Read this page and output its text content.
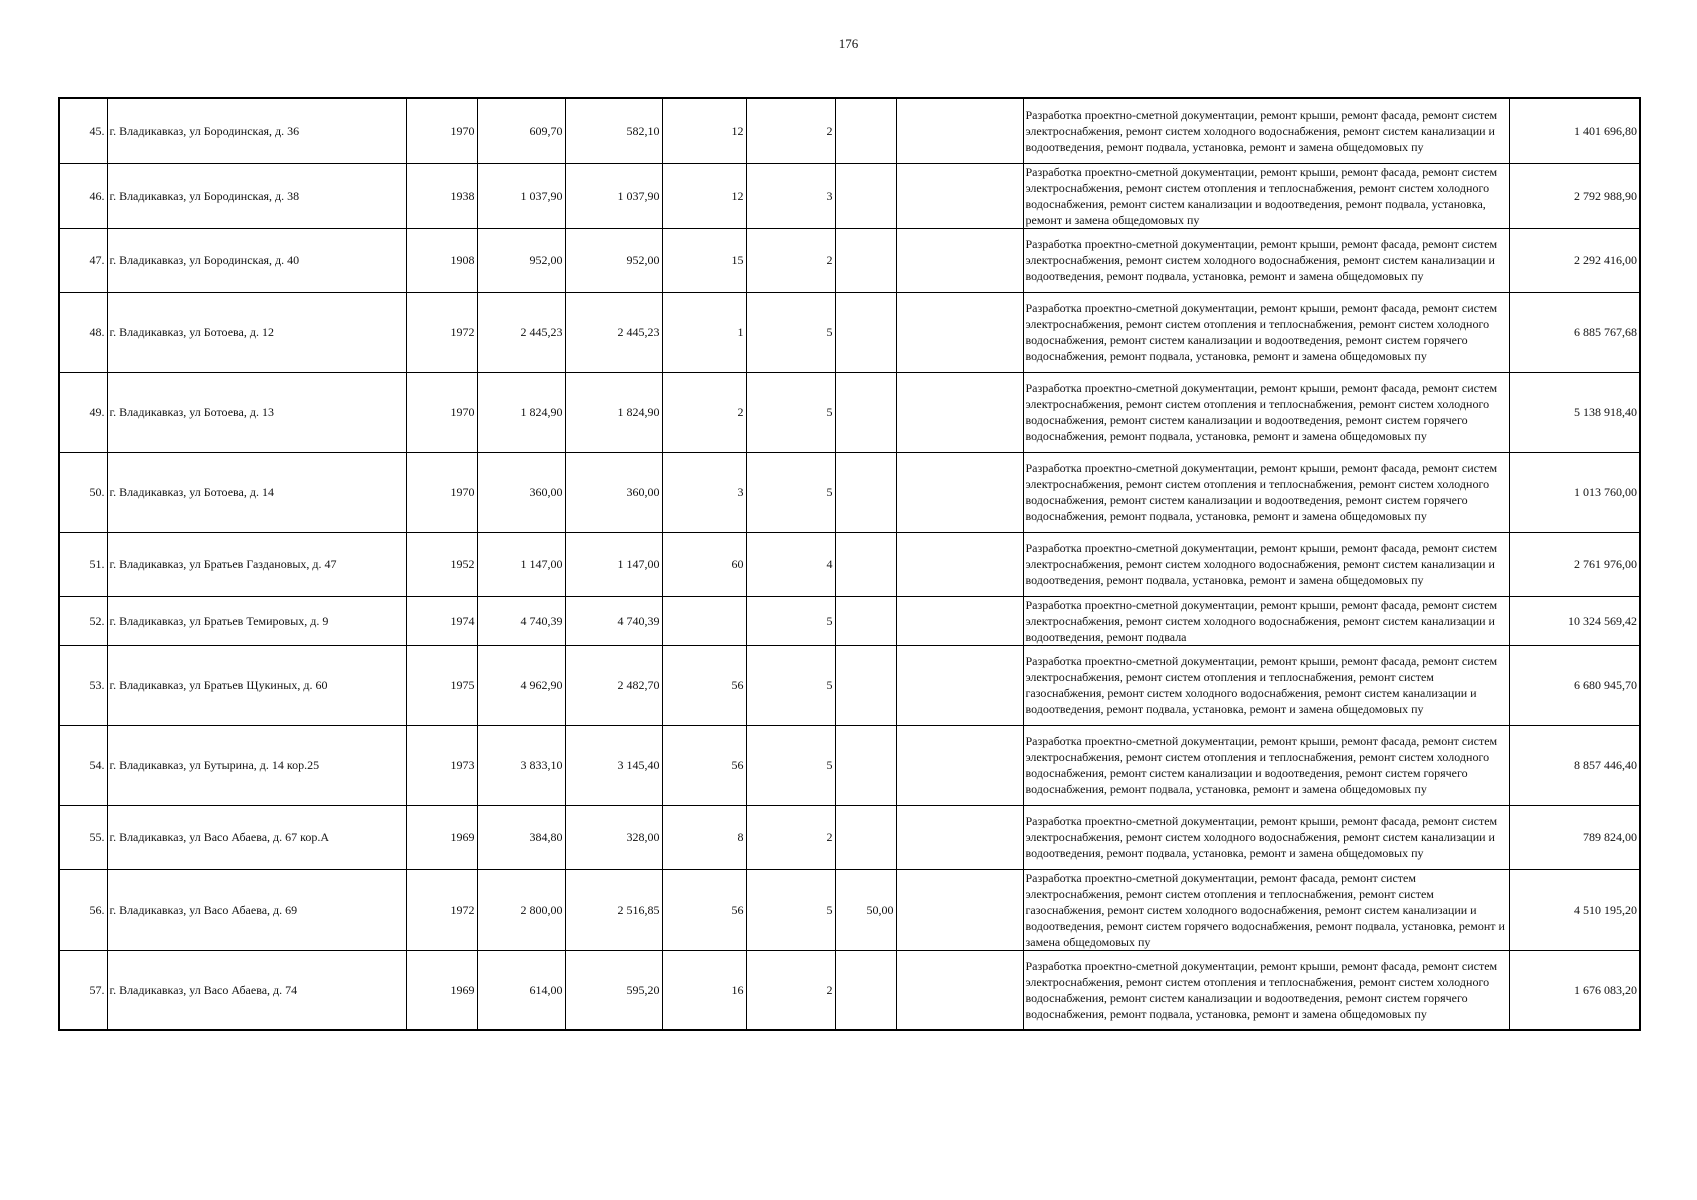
176
45.	г. Владикавказ, ул Бородинская, д. 36	1970	609,70	582,10	12	2			Разработка проектно-сметной документации, ремонт крыши, ремонт фасада, ремонт систем электроснабжения, ремонт систем холодного водоснабжения, ремонт систем канализации и водоотведения, ремонт подвала, установка, ремонт и замена общедомовых пу	1 401 696,80
46.	г. Владикавказ, ул Бородинская, д. 38	1938	1 037,90	1 037,90	12	3			Разработка проектно-сметной документации, ремонт крыши, ремонт фасада, ремонт систем электроснабжения, ремонт систем отопления и теплоснабжения, ремонт систем холодного водоснабжения, ремонт систем канализации и водоотведения, ремонт подвала, установка, ремонт и замена общедомовых пу	2 792 988,90
47.	г. Владикавказ, ул Бородинская, д. 40	1908	952,00	952,00	15	2			Разработка проектно-сметной документации, ремонт крыши, ремонт фасада, ремонт систем электроснабжения, ремонт систем холодного водоснабжения, ремонт систем канализации и водоотведения, ремонт подвала, установка, ремонт и замена общедомовых пу	2 292 416,00
48.	г. Владикавказ, ул Ботоева, д. 12	1972	2 445,23	2 445,23	1	5			Разработка проектно-сметной документации, ремонт крыши, ремонт фасада, ремонт систем электроснабжения, ремонт систем отопления и теплоснабжения, ремонт систем холодного водоснабжения, ремонт систем канализации и водоотведения, ремонт систем горячего водоснабжения, ремонт подвала, установка, ремонт и замена общедомовых пу	6 885 767,68
49.	г. Владикавказ, ул Ботоева, д. 13	1970	1 824,90	1 824,90	2	5			Разработка проектно-сметной документации, ремонт крыши, ремонт фасада, ремонт систем электроснабжения, ремонт систем отопления и теплоснабжения, ремонт систем холодного водоснабжения, ремонт систем канализации и водоотведения, ремонт систем горячего водоснабжения, ремонт подвала, установка, ремонт и замена общедомовых пу	5 138 918,40
50.	г. Владикавказ, ул Ботоева, д. 14	1970	360,00	360,00	3	5			Разработка проектно-сметной документации, ремонт крыши, ремонт фасада, ремонт систем электроснабжения, ремонт систем отопления и теплоснабжения, ремонт систем холодного водоснабжения, ремонт систем канализации и водоотведения, ремонт систем горячего водоснабжения, ремонт подвала, установка, ремонт и замена общедомовых пу	1 013 760,00
51.	г. Владикавказ, ул Братьев Газдановых, д. 47	1952	1 147,00	1 147,00	60	4			Разработка проектно-сметной документации, ремонт крыши, ремонт фасада, ремонт систем электроснабжения, ремонт систем холодного водоснабжения, ремонт систем канализации и водоотведения, ремонт подвала, установка, ремонт и замена общедомовых пу	2 761 976,00
52.	г. Владикавказ, ул Братьев Темировых, д. 9	1974	4 740,39	4 740,39		5			Разработка проектно-сметной документации, ремонт крыши, ремонт фасада, ремонт систем электроснабжения, ремонт систем холодного водоснабжения, ремонт систем канализации и водоотведения, ремонт подвала	10 324 569,42
53.	г. Владикавказ, ул Братьев Щукиных, д. 60	1975	4 962,90	2 482,70	56	5			Разработка проектно-сметной документации, ремонт крыши, ремонт фасада, ремонт систем электроснабжения, ремонт систем отопления и теплоснабжения, ремонт систем газоснабжения, ремонт систем холодного водоснабжения, ремонт систем канализации и водоотведения, ремонт подвала, установка, ремонт и замена общедомовых пу	6 680 945,70
54.	г. Владикавказ, ул Бутырина, д. 14 кор.25	1973	3 833,10	3 145,40	56	5			Разработка проектно-сметной документации, ремонт крыши, ремонт фасада, ремонт систем электроснабжения, ремонт систем отопления и теплоснабжения, ремонт систем холодного водоснабжения, ремонт систем канализации и водоотведения, ремонт систем горячего водоснабжения, ремонт подвала, установка, ремонт и замена общедомовых пу	8 857 446,40
55.	г. Владикавказ, ул Васо Абаева, д. 67 кор.А	1969	384,80	328,00	8	2			Разработка проектно-сметной документации, ремонт крыши, ремонт фасада, ремонт систем электроснабжения, ремонт систем холодного водоснабжения, ремонт систем канализации и водоотведения, ремонт подвала, установка, ремонт и замена общедомовых пу	789 824,00
56.	г. Владикавказ, ул Васо Абаева, д. 69	1972	2 800,00	2 516,85	56	5	50,00		Разработка проектно-сметной документации, ремонт фасада, ремонт систем электроснабжения, ремонт систем отопления и теплоснабжения, ремонт систем газоснабжения, ремонт систем холодного водоснабжения, ремонт систем канализации и водоотведения, ремонт систем горячего водоснабжения, ремонт подвала, установка, ремонт и замена общедомовых пу	4 510 195,20
57.	г. Владикавказ, ул Васо Абаева, д. 74	1969	614,00	595,20	16	2			Разработка проектно-сметной документации, ремонт крыши, ремонт фасада, ремонт систем электроснабжения, ремонт систем отопления и теплоснабжения, ремонт систем холодного водоснабжения, ремонт систем канализации и водоотведения, ремонт систем горячего водоснабжения, ремонт подвала, установка, ремонт и замена общедомовых пу	1 676 083,20
